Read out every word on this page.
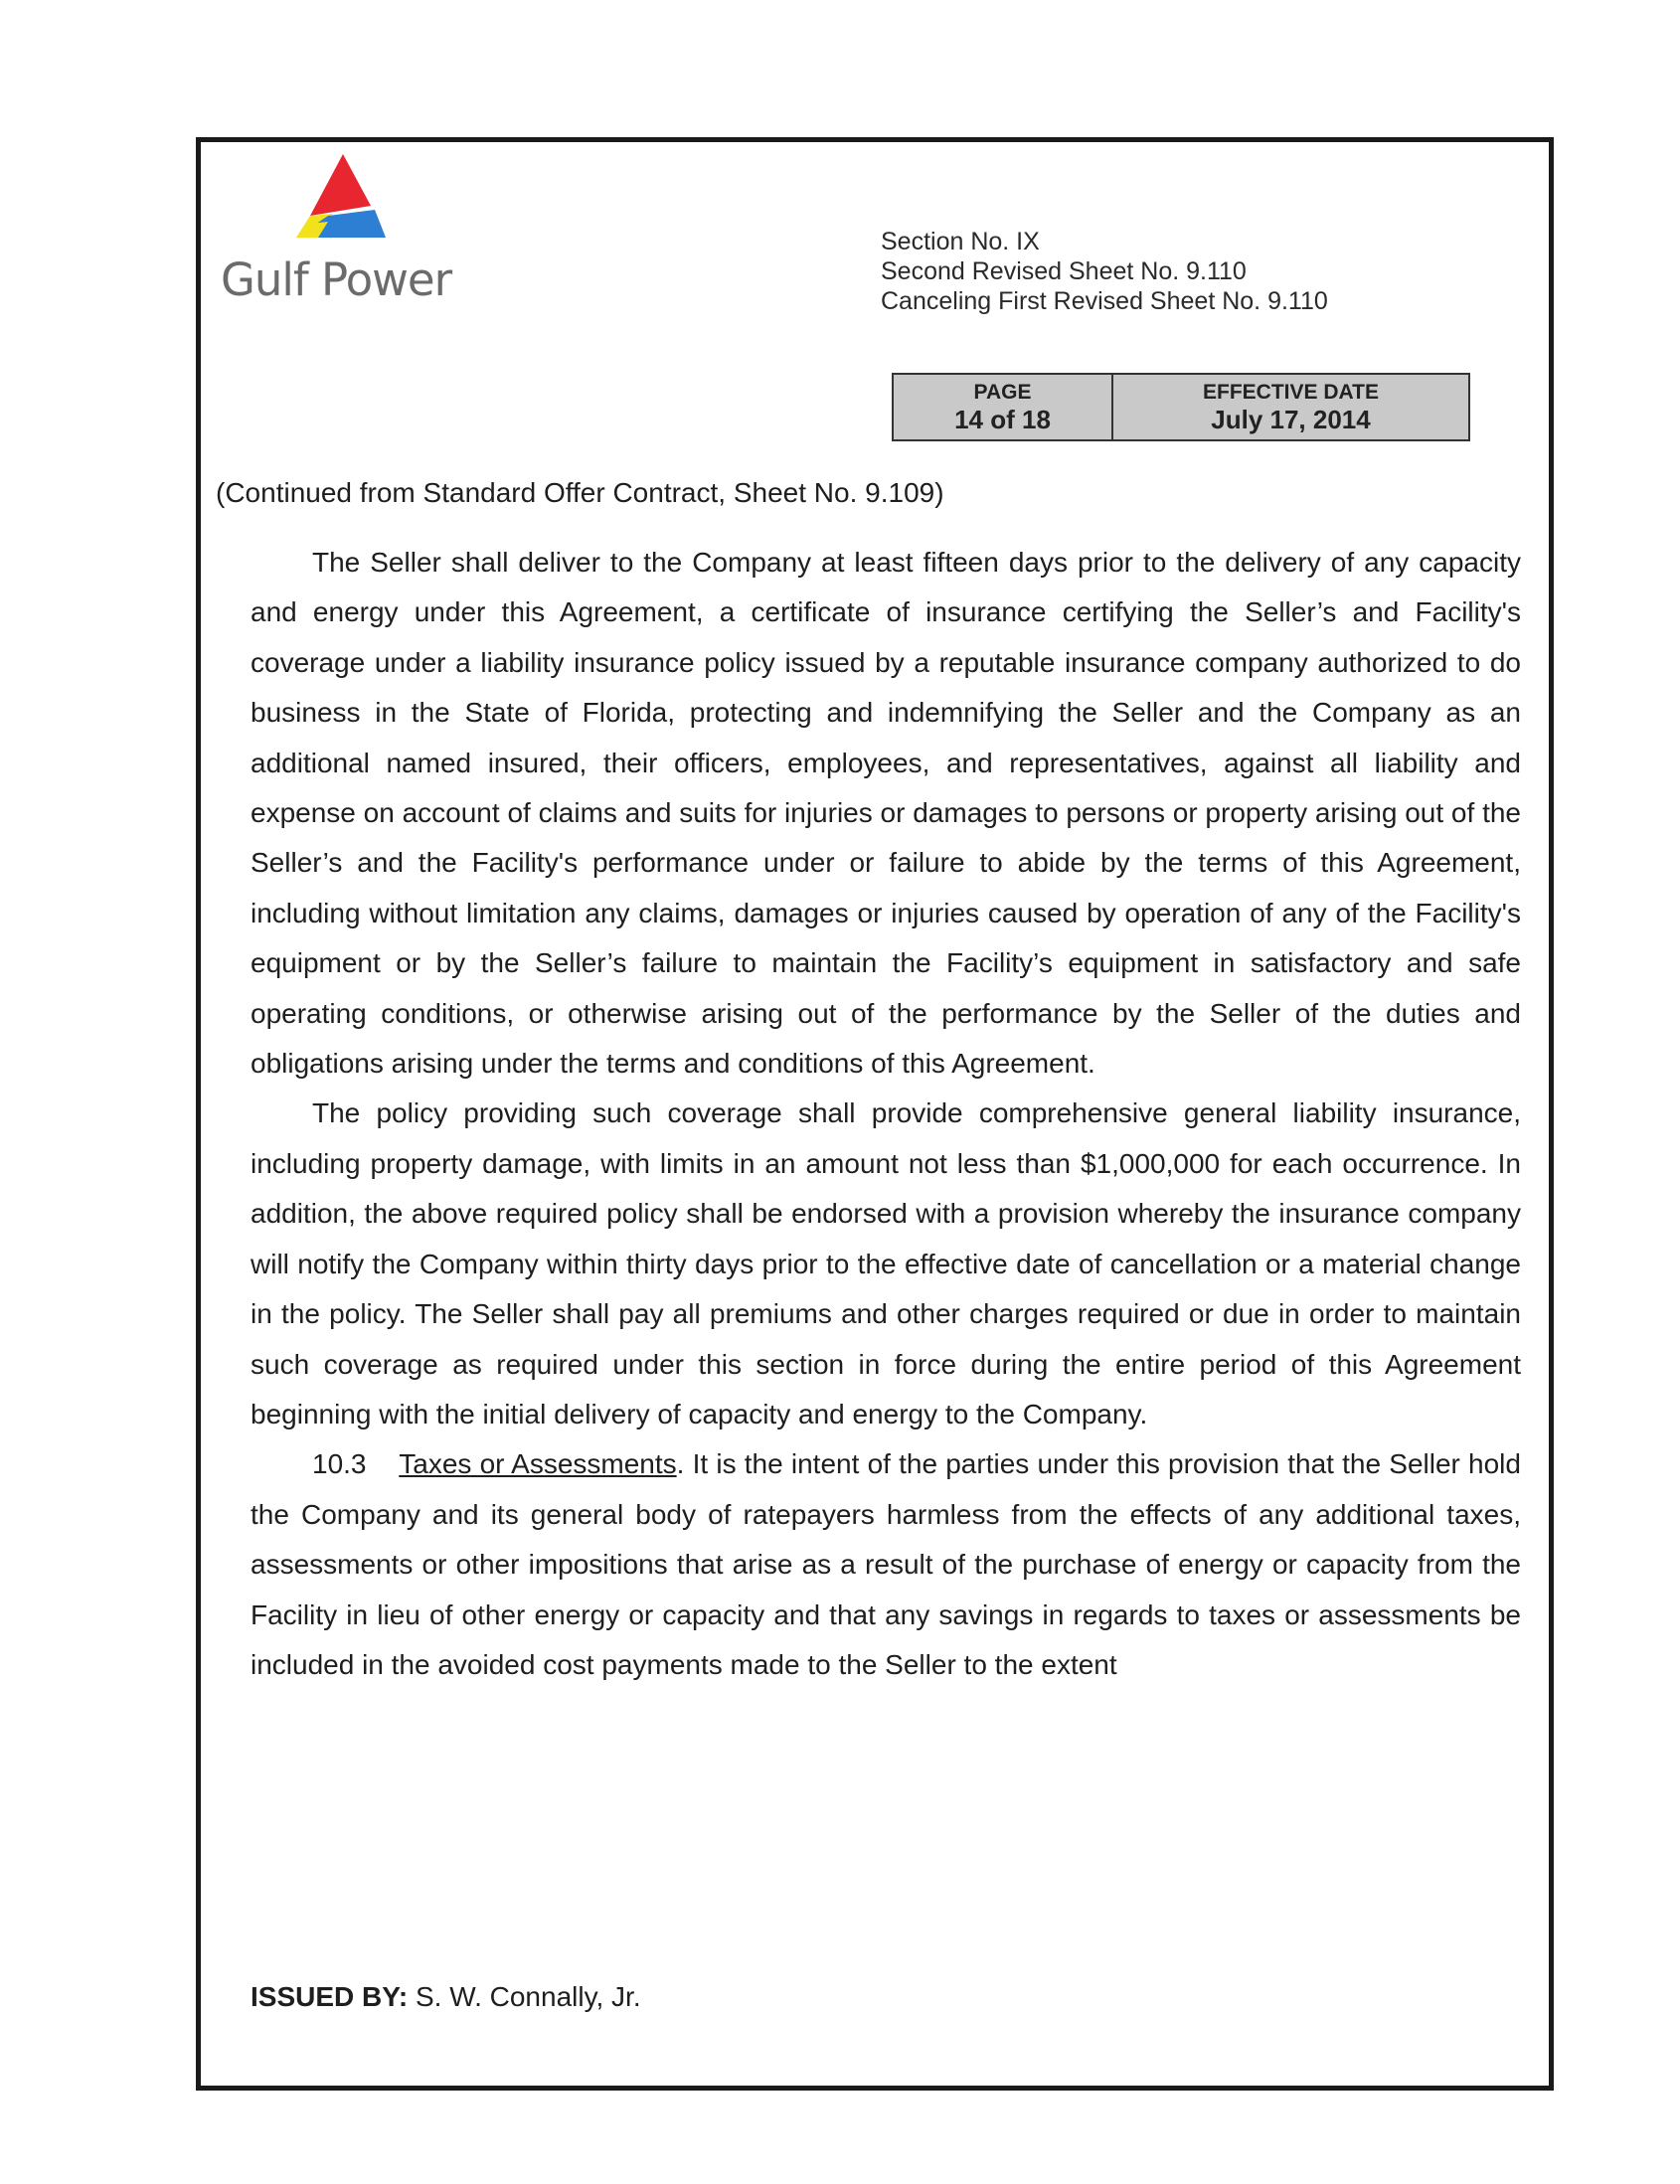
Gulf Power
Section No. IX
Second Revised Sheet No. 9.110
Canceling First Revised Sheet No. 9.110
PAGE
14 of 18
EFFECTIVE DATE
July 17, 2014
(Continued from Standard Offer Contract, Sheet No. 9.109)

The Seller shall deliver to the Company at least fifteen days prior to the delivery of any capacity and energy under this Agreement, a certificate of insurance certifying the Seller’s and Facility's coverage under a liability insurance policy issued by a reputable insurance company authorized to do business in the State of Florida, protecting and indemnifying the Seller and the Company as an additional named insured, their officers, employees, and representatives, against all liability and expense on account of claims and suits for injuries or damages to persons or property arising out of the Seller’s and the Facility's performance under or failure to abide by the terms of this Agreement, including without limitation any claims, damages or injuries caused by operation of any of the Facility's equipment or by the Seller’s failure to maintain the Facility’s equipment in satisfactory and safe operating conditions, or otherwise arising out of the performance by the Seller of the duties and obligations arising under the terms and conditions of this Agreement.

The policy providing such coverage shall provide comprehensive general liability insurance, including property damage, with limits in an amount not less than $1,000,000 for each occurrence. In addition, the above required policy shall be endorsed with a provision whereby the insurance company will notify the Company within thirty days prior to the effective date of cancellation or a material change in the policy. The Seller shall pay all premiums and other charges required or due in order to maintain such coverage as required under this section in force during the entire period of this Agreement beginning with the initial delivery of capacity and energy to the Company.

10.3 Taxes or Assessments. It is the intent of the parties under this provision that the Seller hold the Company and its general body of ratepayers harmless from the effects of any additional taxes, assessments or other impositions that arise as a result of the purchase of energy or capacity from the Facility in lieu of other energy or capacity and that any savings in regards to taxes or assessments be included in the avoided cost payments made to the Seller to the extent

ISSUED BY: S. W. Connally, Jr.
